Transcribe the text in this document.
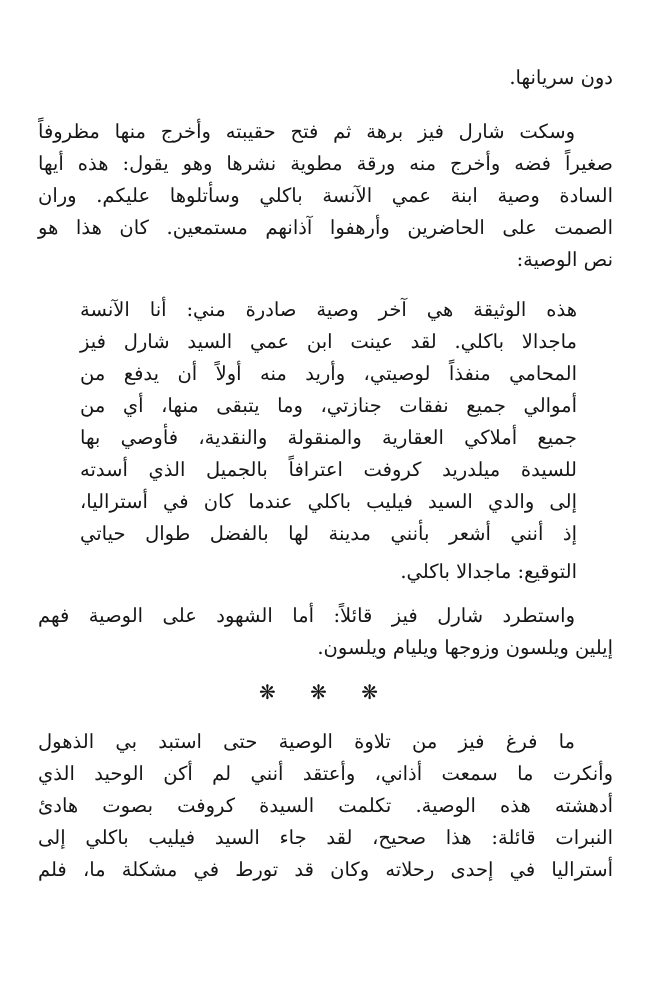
دون سريانها.
وسكت شارل فيز برهة ثم فتح حقيبته وأخرج منها مظروفاً
صغيراً فضه وأخرج منه ورقة مطوية نشرها وهو يقول: هذه أيها
السادة وصية ابنة عمي الآنسة باكلي وسأتلوها عليكم. وران
الصمت على الحاضرين وأرهفوا آذانهم مستمعين. كان هذا هو
نص الوصية:
هذه الوثيقة هي آخر وصية صادرة مني: أنا الآنسة
ماجدالا باكلي. لقد عينت ابن عمي السيد شارل فيز
المحامي منفذاً لوصيتي، وأريد منه أولاً أن يدفع من
أموالي جميع نفقات جنازتي، وما يتبقى منها، أي من
جميع أملاكي العقارية والمنقولة والنقدية، فأوصي بها
للسيدة ميلدريد كروفت اعترافاً بالجميل الذي أسدته
إلى والدي السيد فيليب باكلي عندما كان في أستراليا،
إذ أنني أشعر بأنني مدينة لها بالفضل طوال حياتي
التوقيع: ماجدالا باكلي.
واستطرد شارل فيز قائلاً: أما الشهود على الوصية فهم
إيلين ويلسون وزوجها ويليام ويلسون.
❋ ❋ ❋
ما فرغ فيز من تلاوة الوصية حتى استبد بي الذهول
وأنكرت ما سمعت أذاني، وأعتقد أنني لم أكن الوحيد الذي
أدهشته هذه الوصية. تكلمت السيدة كروفت بصوت هادئ
النبرات قائلة: هذا صحيح، لقد جاء السيد فيليب باكلي إلى
أستراليا في إحدى رحلاته وكان قد تورط في مشكلة ما، فلم
